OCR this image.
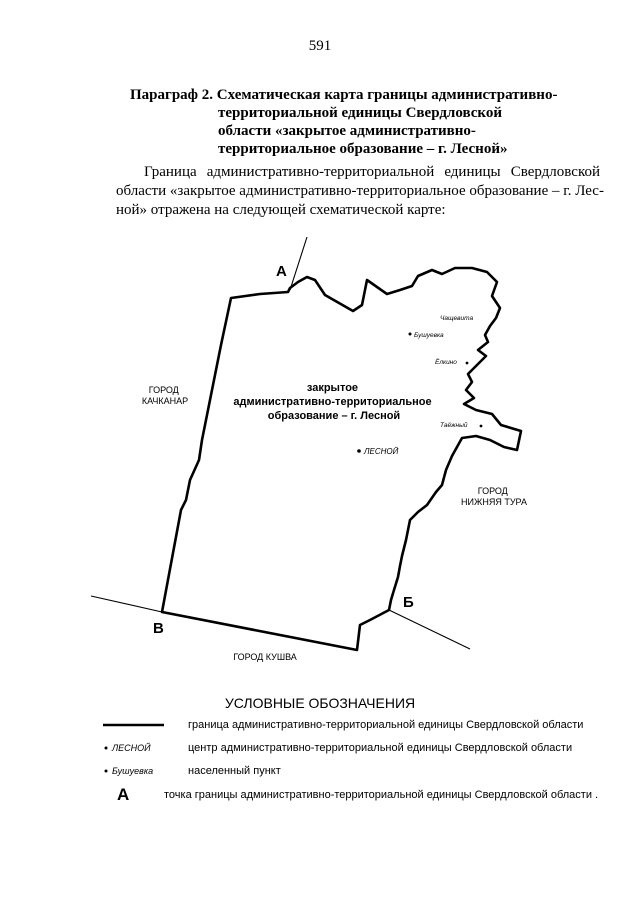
591
Параграф 2. Схематическая карта границы административно-
территориальной единицы Свердловской
области «закрытое административно-
территориальное образование – г. Лесной»
Граница административно-территориальной единицы Свердловской
области «закрытое административно-территориальное образование – г. Лес-
ной» отражена на следующей схематической карте:
А
В
Б
закрытое административно-территориальное образование – г. Лесной
ГОРОД КАЧКАНАР
ГОРОД НИЖНЯЯ ТУРА
ГОРОД КУШВА
ЛЕСНОЙ
Чащевита
Бушуевка
Ёлкино
Таёжный
УСЛОВНЫЕ ОБОЗНАЧЕНИЯ
граница административно-территориальной единицы Свердловской области
ЛЕСНОЙ	центр административно-территориальной единицы Свердловской области
Бушуевка	населенный пункт
А	точка границы административно-территориальной единицы Свердловской области .
